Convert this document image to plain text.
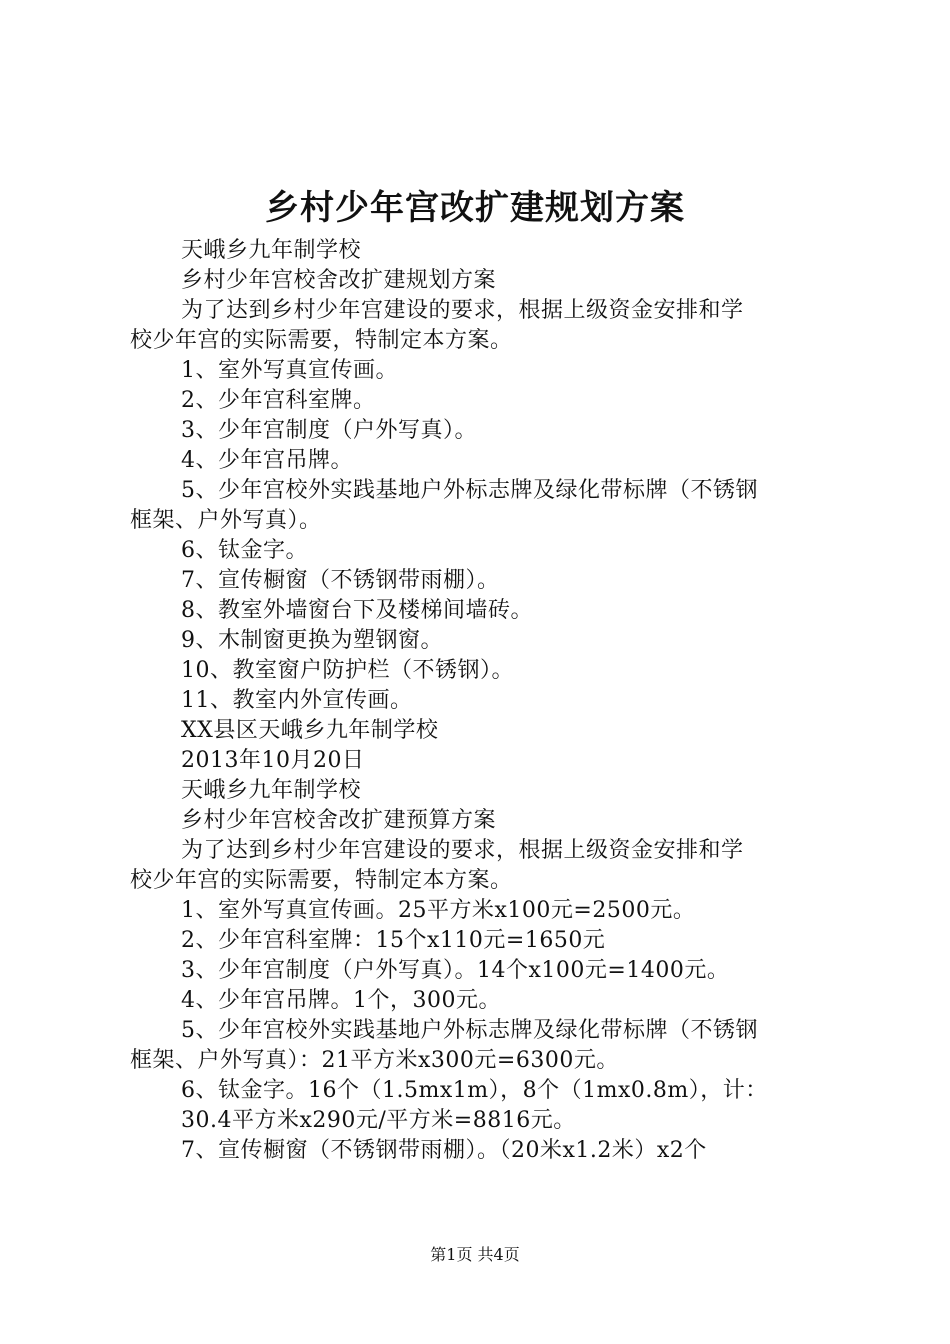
乡村少年宫改扩建规划方案
天峨乡九年制学校
乡村少年宫校舍改扩建规划方案
为了达到乡村少年宫建设的要求，根据上级资金安排和学
校少年宫的实际需要，特制定本方案。
1、室外写真宣传画。
2、少年宫科室牌。
3、少年宫制度（户外写真）。
4、少年宫吊牌。
5、少年宫校外实践基地户外标志牌及绿化带标牌（不锈钢
框架、户外写真）。
6、钛金字。
7、宣传橱窗（不锈钢带雨棚）。
8、教室外墙窗台下及楼梯间墙砖。
9、木制窗更换为塑钢窗。
10、教室窗户防护栏（不锈钢）。
11、教室内外宣传画。
XX县区天峨乡九年制学校
2013年10月20日
天峨乡九年制学校
乡村少年宫校舍改扩建预算方案
为了达到乡村少年宫建设的要求，根据上级资金安排和学
校少年宫的实际需要，特制定本方案。
1、室外写真宣传画。25平方米x100元=2500元。
2、少年宫科室牌：15个x110元=1650元
3、少年宫制度（户外写真）。14个x100元=1400元。
4、少年宫吊牌。1个，300元。
5、少年宫校外实践基地户外标志牌及绿化带标牌（不锈钢
框架、户外写真）：21平方米x300元=6300元。
6、钛金字。16个（1.5mx1m），8个（1mx0.8m），计：
30.4平方米x290元/平方米=8816元。
7、宣传橱窗（不锈钢带雨棚）。（20米x1.2米）x2个
第1页 共4页
